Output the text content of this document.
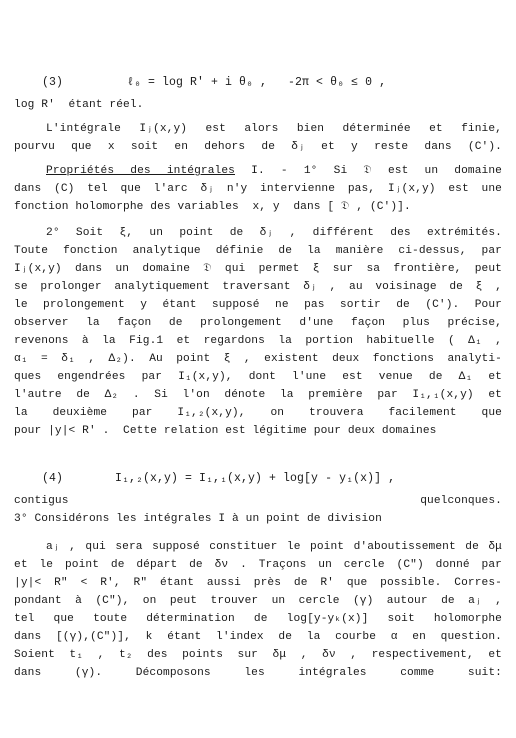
(3)	ℓ₀ = log R' + i θ₀ ,   -2π < θ₀ ≤ 0 ,

log R'  étant réel.
L'intégrale Iⱼ(x,y) est alors bien déterminée et finie,
pourvu que x soit en dehors de δⱼ et y reste dans (C').
Propriétés des intégrales I. - 1° Si 𝔇 est un domaine
dans (C) tel que l'arc δⱼ n'y intervienne pas, Iⱼ(x,y) est une
fonction holomorphe des variables  x, y  dans [ 𝔇 , (C')].
2° Soit ξ, un point de δⱼ , différent des extrémités.
Toute fonction analytique définie de la manière ci-dessus, par
Iⱼ(x,y) dans un domaine 𝔇 qui permet ξ sur sa frontière, peut
se prolonger analytiquement traversant δⱼ , au voisinage de ξ ,
le prolongement y étant supposé ne pas sortir de (C'). Pour
observer la façon de prolongement d'une façon plus précise,
revenons à la Fig.1 et regardons la portion habituelle ( Δ₁ ,
α₁ = δ₁ , Δ₂). Au point ξ , existent deux fonctions analyti-
ques engendrées par I₁(x,y), dont l'une est venue de Δ₁ et
l'autre de Δ₂ . Si l'on dénote la première par I₁,₁(x,y) et
la deuxième par I₁,₂(x,y), on trouvera facilement que
pour |y|< R' .  Cette relation est légitime pour deux domaines

(4)	I₁,₂(x,y) = I₁,₁(x,y) + log[y - y₁(x)] ,

contigus quelconques.
3° Considérons les intégrales I à un point de division
aⱼ , qui sera supposé constituer le point d'aboutissement de δμ
et le point de départ de δν . Traçons un cercle (C") donné par
|y|< R" < R', R" étant aussi près de R' que possible. Corres-
pondant à (C"), on peut trouver un cercle (γ) autour de aⱼ ,
tel que toute détermination de log[y-yₖ(x)] soit holomorphe
dans [(γ),(C")], k étant l'index de la courbe α en question.
Soient t₁ , t₂ des points sur δμ , δν , respectivement, et
dans (γ). Décomposons les intégrales comme suit:
